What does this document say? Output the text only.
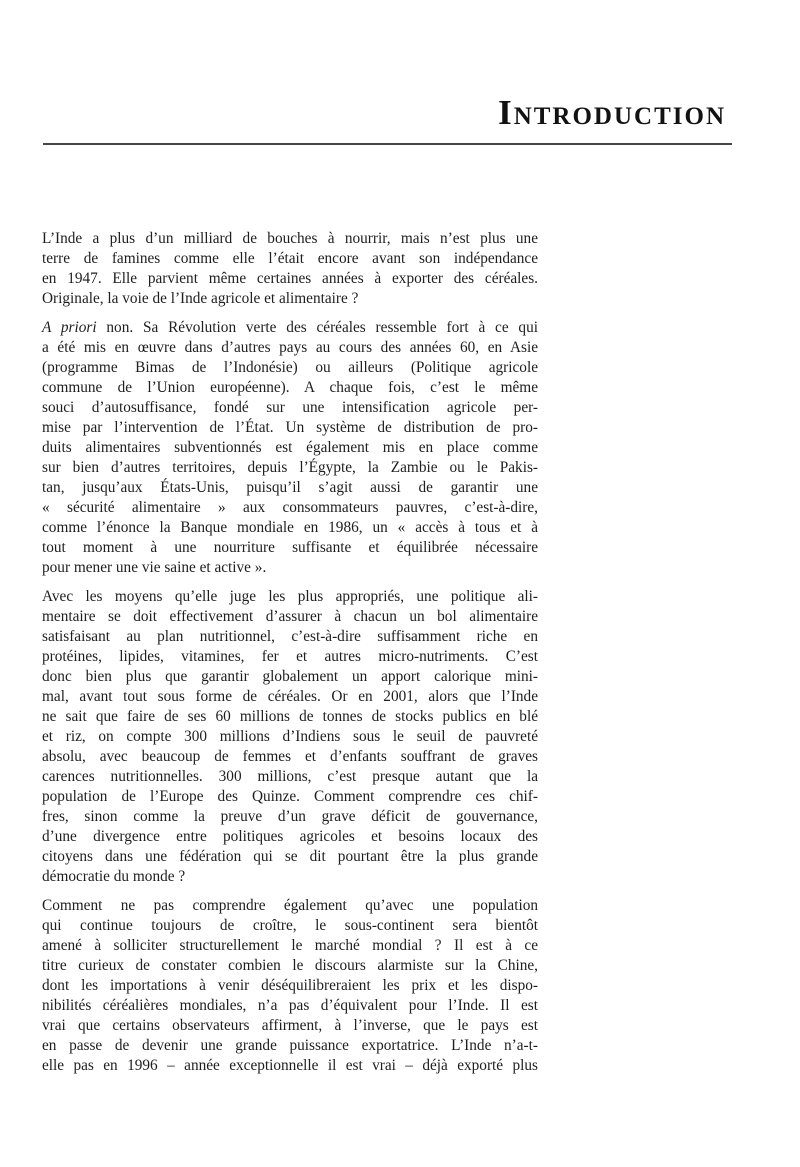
Introduction

L’Inde a plus d’un milliard de bouches à nourrir, mais n’est plus une
terre de famines comme elle l’était encore avant son indépendance
en 1947. Elle parvient même certaines années à exporter des céréales.
Originale, la voie de l’Inde agricole et alimentaire ?

A priori non. Sa Révolution verte des céréales ressemble fort à ce qui
a été mis en œuvre dans d’autres pays au cours des années 60, en Asie
(programme Bimas de l’Indonésie) ou ailleurs (Politique agricole
commune de l’Union européenne). A chaque fois, c’est le même
souci d’autosuffisance, fondé sur une intensification agricole per-
mise par l’intervention de l’État. Un système de distribution de pro-
duits alimentaires subventionnés est également mis en place comme
sur bien d’autres territoires, depuis l’Égypte, la Zambie ou le Pakis-
tan, jusqu’aux États-Unis, puisqu’il s’agit aussi de garantir une
« sécurité alimentaire » aux consommateurs pauvres, c’est-à-dire,
comme l’énonce la Banque mondiale en 1986, un « accès à tous et à
tout moment à une nourriture suffisante et équilibrée nécessaire
pour mener une vie saine et active ».

Avec les moyens qu’elle juge les plus appropriés, une politique ali-
mentaire se doit effectivement d’assurer à chacun un bol alimentaire
satisfaisant au plan nutritionnel, c’est-à-dire suffisamment riche en
protéines, lipides, vitamines, fer et autres micro-nutriments. C’est
donc bien plus que garantir globalement un apport calorique mini-
mal, avant tout sous forme de céréales. Or en 2001, alors que l’Inde
ne sait que faire de ses 60 millions de tonnes de stocks publics en blé
et riz, on compte 300 millions d’Indiens sous le seuil de pauvreté
absolu, avec beaucoup de femmes et d’enfants souffrant de graves
carences nutritionnelles. 300 millions, c’est presque autant que la
population de l’Europe des Quinze. Comment comprendre ces chif-
fres, sinon comme la preuve d’un grave déficit de gouvernance,
d’une divergence entre politiques agricoles et besoins locaux des
citoyens dans une fédération qui se dit pourtant être la plus grande
démocratie du monde ?

Comment ne pas comprendre également qu’avec une population
qui continue toujours de croître, le sous-continent sera bientôt
amené à solliciter structurellement le marché mondial ? Il est à ce
titre curieux de constater combien le discours alarmiste sur la Chine,
dont les importations à venir déséquilibreraient les prix et les dispo-
nibilités céréalières mondiales, n’a pas d’équivalent pour l’Inde. Il est
vrai que certains observateurs affirment, à l’inverse, que le pays est
en passe de devenir une grande puissance exportatrice. L’Inde n’a-t-
elle pas en 1996 – année exceptionnelle il est vrai – déjà exporté plus
